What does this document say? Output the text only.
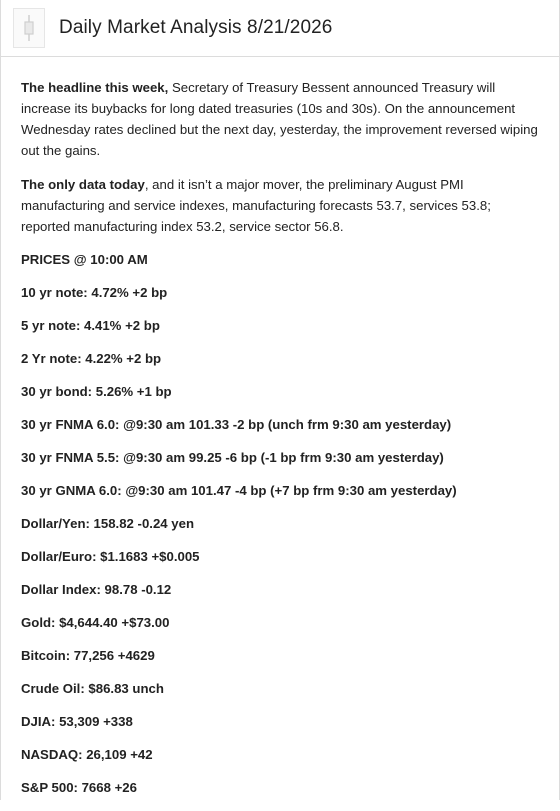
Daily Market Analysis 8/21/2026

The headline this week, Secretary of Treasury Bessent announced Treasury will increase its buybacks for long dated treasuries (10s and 30s). On the announcement Wednesday rates declined but the next day, yesterday, the improvement reversed wiping out the gains.

The only data today, and it isn’t a major mover, the preliminary August PMI manufacturing and service indexes, manufacturing forecasts 53.7, services 53.8; reported manufacturing index 53.2, service sector 56.8.

PRICES @ 10:00 AM
10 yr note: 4.72% +2 bp
5 yr note: 4.41% +2 bp
2 Yr note: 4.22% +2 bp
30 yr bond: 5.26% +1 bp
30 yr FNMA 6.0: @9:30 am 101.33 -2 bp (unch frm 9:30 am yesterday)
30 yr FNMA 5.5: @9:30 am 99.25 -6 bp (-1 bp frm 9:30 am yesterday)
30 yr GNMA 6.0: @9:30 am 101.47 -4 bp (+7 bp frm 9:30 am yesterday)
Dollar/Yen: 158.82 -0.24 yen
Dollar/Euro: $1.1683 +$0.005
Dollar Index: 98.78 -0.12
Gold: $4,644.40 +$73.00
Bitcoin: 77,256 +4629
Crude Oil: $86.83 unch
DJIA: 53,309 +338
NASDAQ: 26,109 +42
S&P 500: 7668 +26
